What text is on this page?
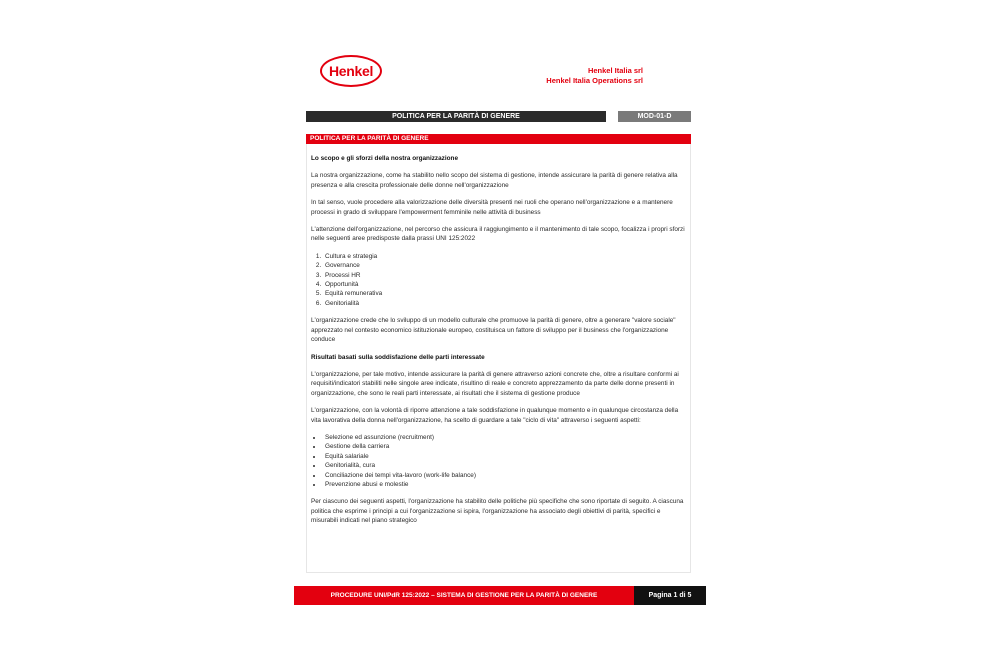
Henkel	Henkel Italia srl
Henkel Italia Operations srl
POLITICA PER LA PARITÀ DI GENERE	MOD-01-D
POLITICA PER LA PARITÀ DI GENERE
Lo scopo e gli sforzi della nostra organizzazione

La nostra organizzazione, come ha stabilito nello scopo del sistema di gestione, intende assicurare la parità di genere relativa alla presenza e alla crescita professionale delle donne nell'organizzazione

In tal senso, vuole procedere alla valorizzazione delle diversità presenti nei ruoli che operano nell'organizzazione e a mantenere processi in grado di sviluppare l'empowerment femminile nelle attività di business

L'attenzione dell'organizzazione, nel percorso che assicura il raggiungimento e il mantenimento di tale scopo, focalizza i propri sforzi nelle seguenti aree predisposte dalla prassi UNI 125:2022

1. Cultura e strategia
2. Governance
3. Processi HR
4. Opportunità
5. Equità remunerativa
6. Genitorialità

L'organizzazione crede che lo sviluppo di un modello culturale che promuove la parità di genere, oltre a generare "valore sociale" apprezzato nel contesto economico istituzionale europeo, costituisca un fattore di sviluppo per il business che l'organizzazione conduce

Risultati basati sulla soddisfazione delle parti interessate

L'organizzazione, per tale motivo, intende assicurare la parità di genere attraverso azioni concrete che, oltre a risultare conformi ai requisiti/indicatori stabiliti nelle singole aree indicate, risultino di reale e concreto apprezzamento da parte delle donne presenti in organizzazione, che sono le reali parti interessate, ai risultati che il sistema di gestione produce

L'organizzazione, con la volontà di riporre attenzione a tale soddisfazione in qualunque momento e in qualunque circostanza della vita lavorativa della donna nell'organizzazione, ha scelto di guardare a tale "ciclo di vita" attraverso i seguenti aspetti:

• Selezione ed assunzione (recruitment)
• Gestione della carriera
• Equità salariale
• Genitorialità, cura
• Conciliazione dei tempi vita-lavoro (work-life balance)
• Prevenzione abusi e molestie

Per ciascuno dei seguenti aspetti, l'organizzazione ha stabilito delle politiche più specifiche che sono riportate di seguito. A ciascuna politica che esprime i principi a cui l'organizzazione si ispira, l'organizzazione ha associato degli obiettivi di parità, specifici e misurabili indicati nel piano strategico

PROCEDURE UNI/PdR 125:2022 – SISTEMA DI GESTIONE PER LA PARITÀ DI GENERE	Pagina 1 di 5
